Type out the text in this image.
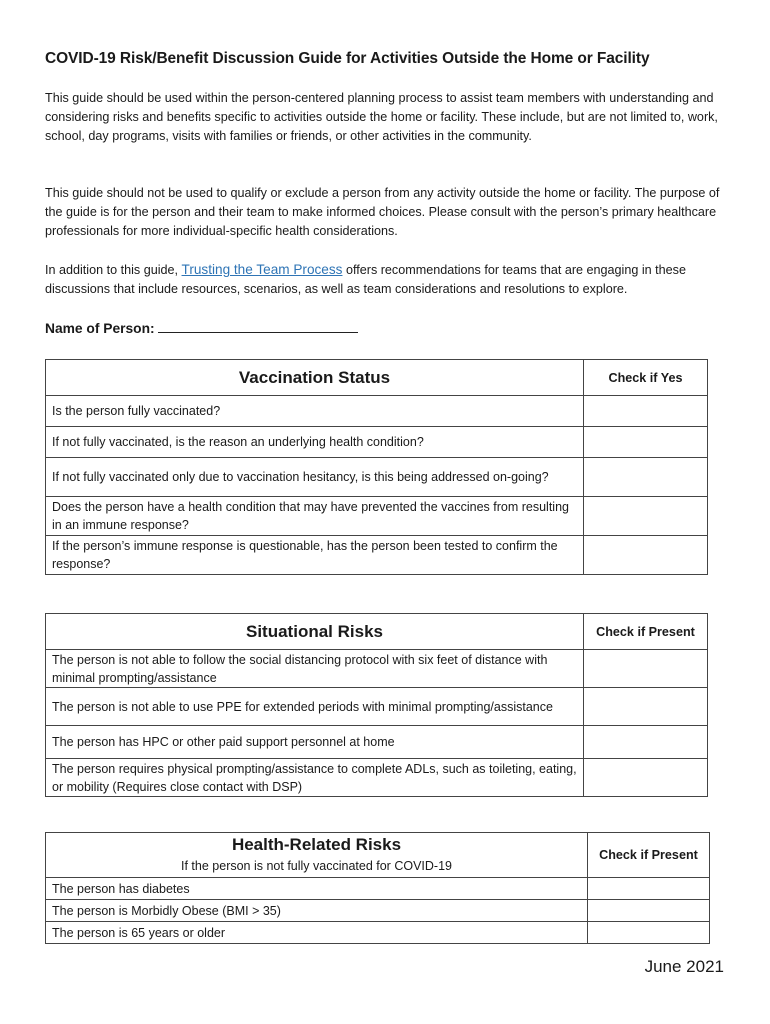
COVID-19 Risk/Benefit Discussion Guide for Activities Outside the Home or Facility

This guide should be used within the person-centered planning process to assist team members with understanding and considering risks and benefits specific to activities outside the home or facility. These include, but are not limited to, work, school, day programs, visits with families or friends, or other activities in the community.

This guide should not be used to qualify or exclude a person from any activity outside the home or facility. The purpose of the guide is for the person and their team to make informed choices. Please consult with the person’s primary healthcare professionals for more individual-specific health considerations.

In addition to this guide, Trusting the Team Process offers recommendations for teams that are engaging in these discussions that include resources, scenarios, as well as team considerations and resolutions to explore.

Name of Person:
Vaccination Status	Check if Yes
Is the person fully vaccinated?	
If not fully vaccinated, is the reason an underlying health condition?	
If not fully vaccinated only due to vaccination hesitancy, is this being addressed on-going?	
Does the person have a health condition that may have prevented the vaccines from resulting in an immune response?	
If the person’s immune response is questionable, has the person been tested to confirm the response?	
Situational Risks	Check if Present
The person is not able to follow the social distancing protocol with six feet of distance with minimal prompting/assistance	
The person is not able to use PPE for extended periods with minimal prompting/assistance	
The person has HPC or other paid support personnel at home	
The person requires physical prompting/assistance to complete ADLs, such as toileting, eating, or mobility (Requires close contact with DSP)	
Health-Related Risks
If the person is not fully vaccinated for COVID-19	Check if Present
The person has diabetes	
The person is Morbidly Obese (BMI > 35)	
The person is 65 years or older	
June 2021
